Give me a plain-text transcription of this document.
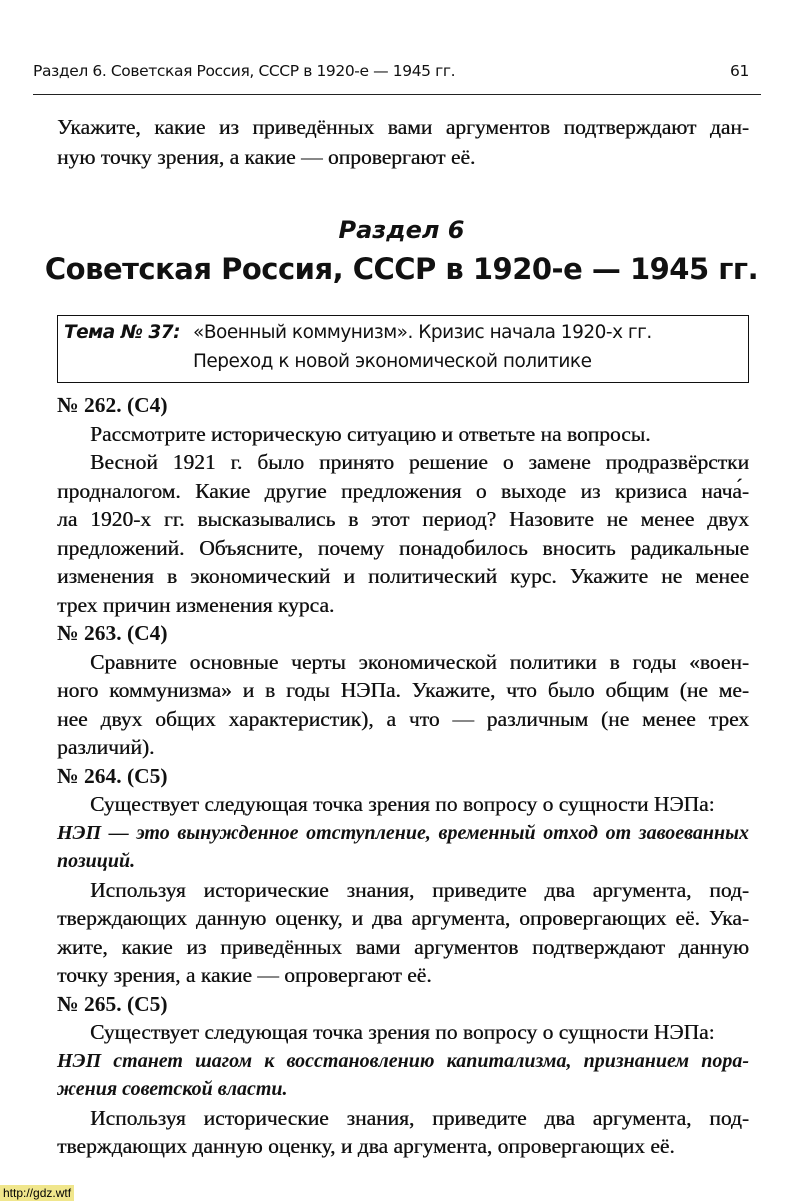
Раздел 6. Советская Россия, СССР в 1920-е — 1945 гг.	61
Укажите, какие из приведённых вами аргументов подтверждают дан-
ную точку зрения, а какие — опровергают её.
Раздел 6
Советская Россия, СССР в 1920-е — 1945 гг.
Тема № 37: «Военный коммунизм». Кризис начала 1920-х гг.
Переход к новой экономической политике
№ 262. (С4)
Рассмотрите историческую ситуацию и ответьте на вопросы.
Весной 1921 г. было принято решение о замене продразвёрстки
продналогом. Какие другие предложения о выходе из кризиса нача́-
ла 1920-х гг. высказывались в этот период? Назовите не менее двух
предложений. Объясните, почему понадобилось вносить радикальные
изменения в экономический и политический курс. Укажите не менее
трех причин изменения курса.
№ 263. (С4)
Сравните основные черты экономической политики в годы «воен-
ного коммунизма» и в годы НЭПа. Укажите, что было общим (не ме-
нее двух общих характеристик), а что — различным (не менее трех
различий).
№ 264. (С5)
Существует следующая точка зрения по вопросу о сущности НЭПа:
НЭП — это вынужденное отступление, временный отход от завоеванных
позиций.
Используя исторические знания, приведите два аргумента, под-
тверждающих данную оценку, и два аргумента, опровергающих её. Ука-
жите, какие из приведённых вами аргументов подтверждают данную
точку зрения, а какие — опровергают её.
№ 265. (С5)
Существует следующая точка зрения по вопросу о сущности НЭПа:
НЭП станет шагом к восстановлению капитализма, признанием пора-
жения советской власти.
Используя исторические знания, приведите два аргумента, под-
тверждающих данную оценку, и два аргумента, опровергающих её.
http://gdz.wtf
